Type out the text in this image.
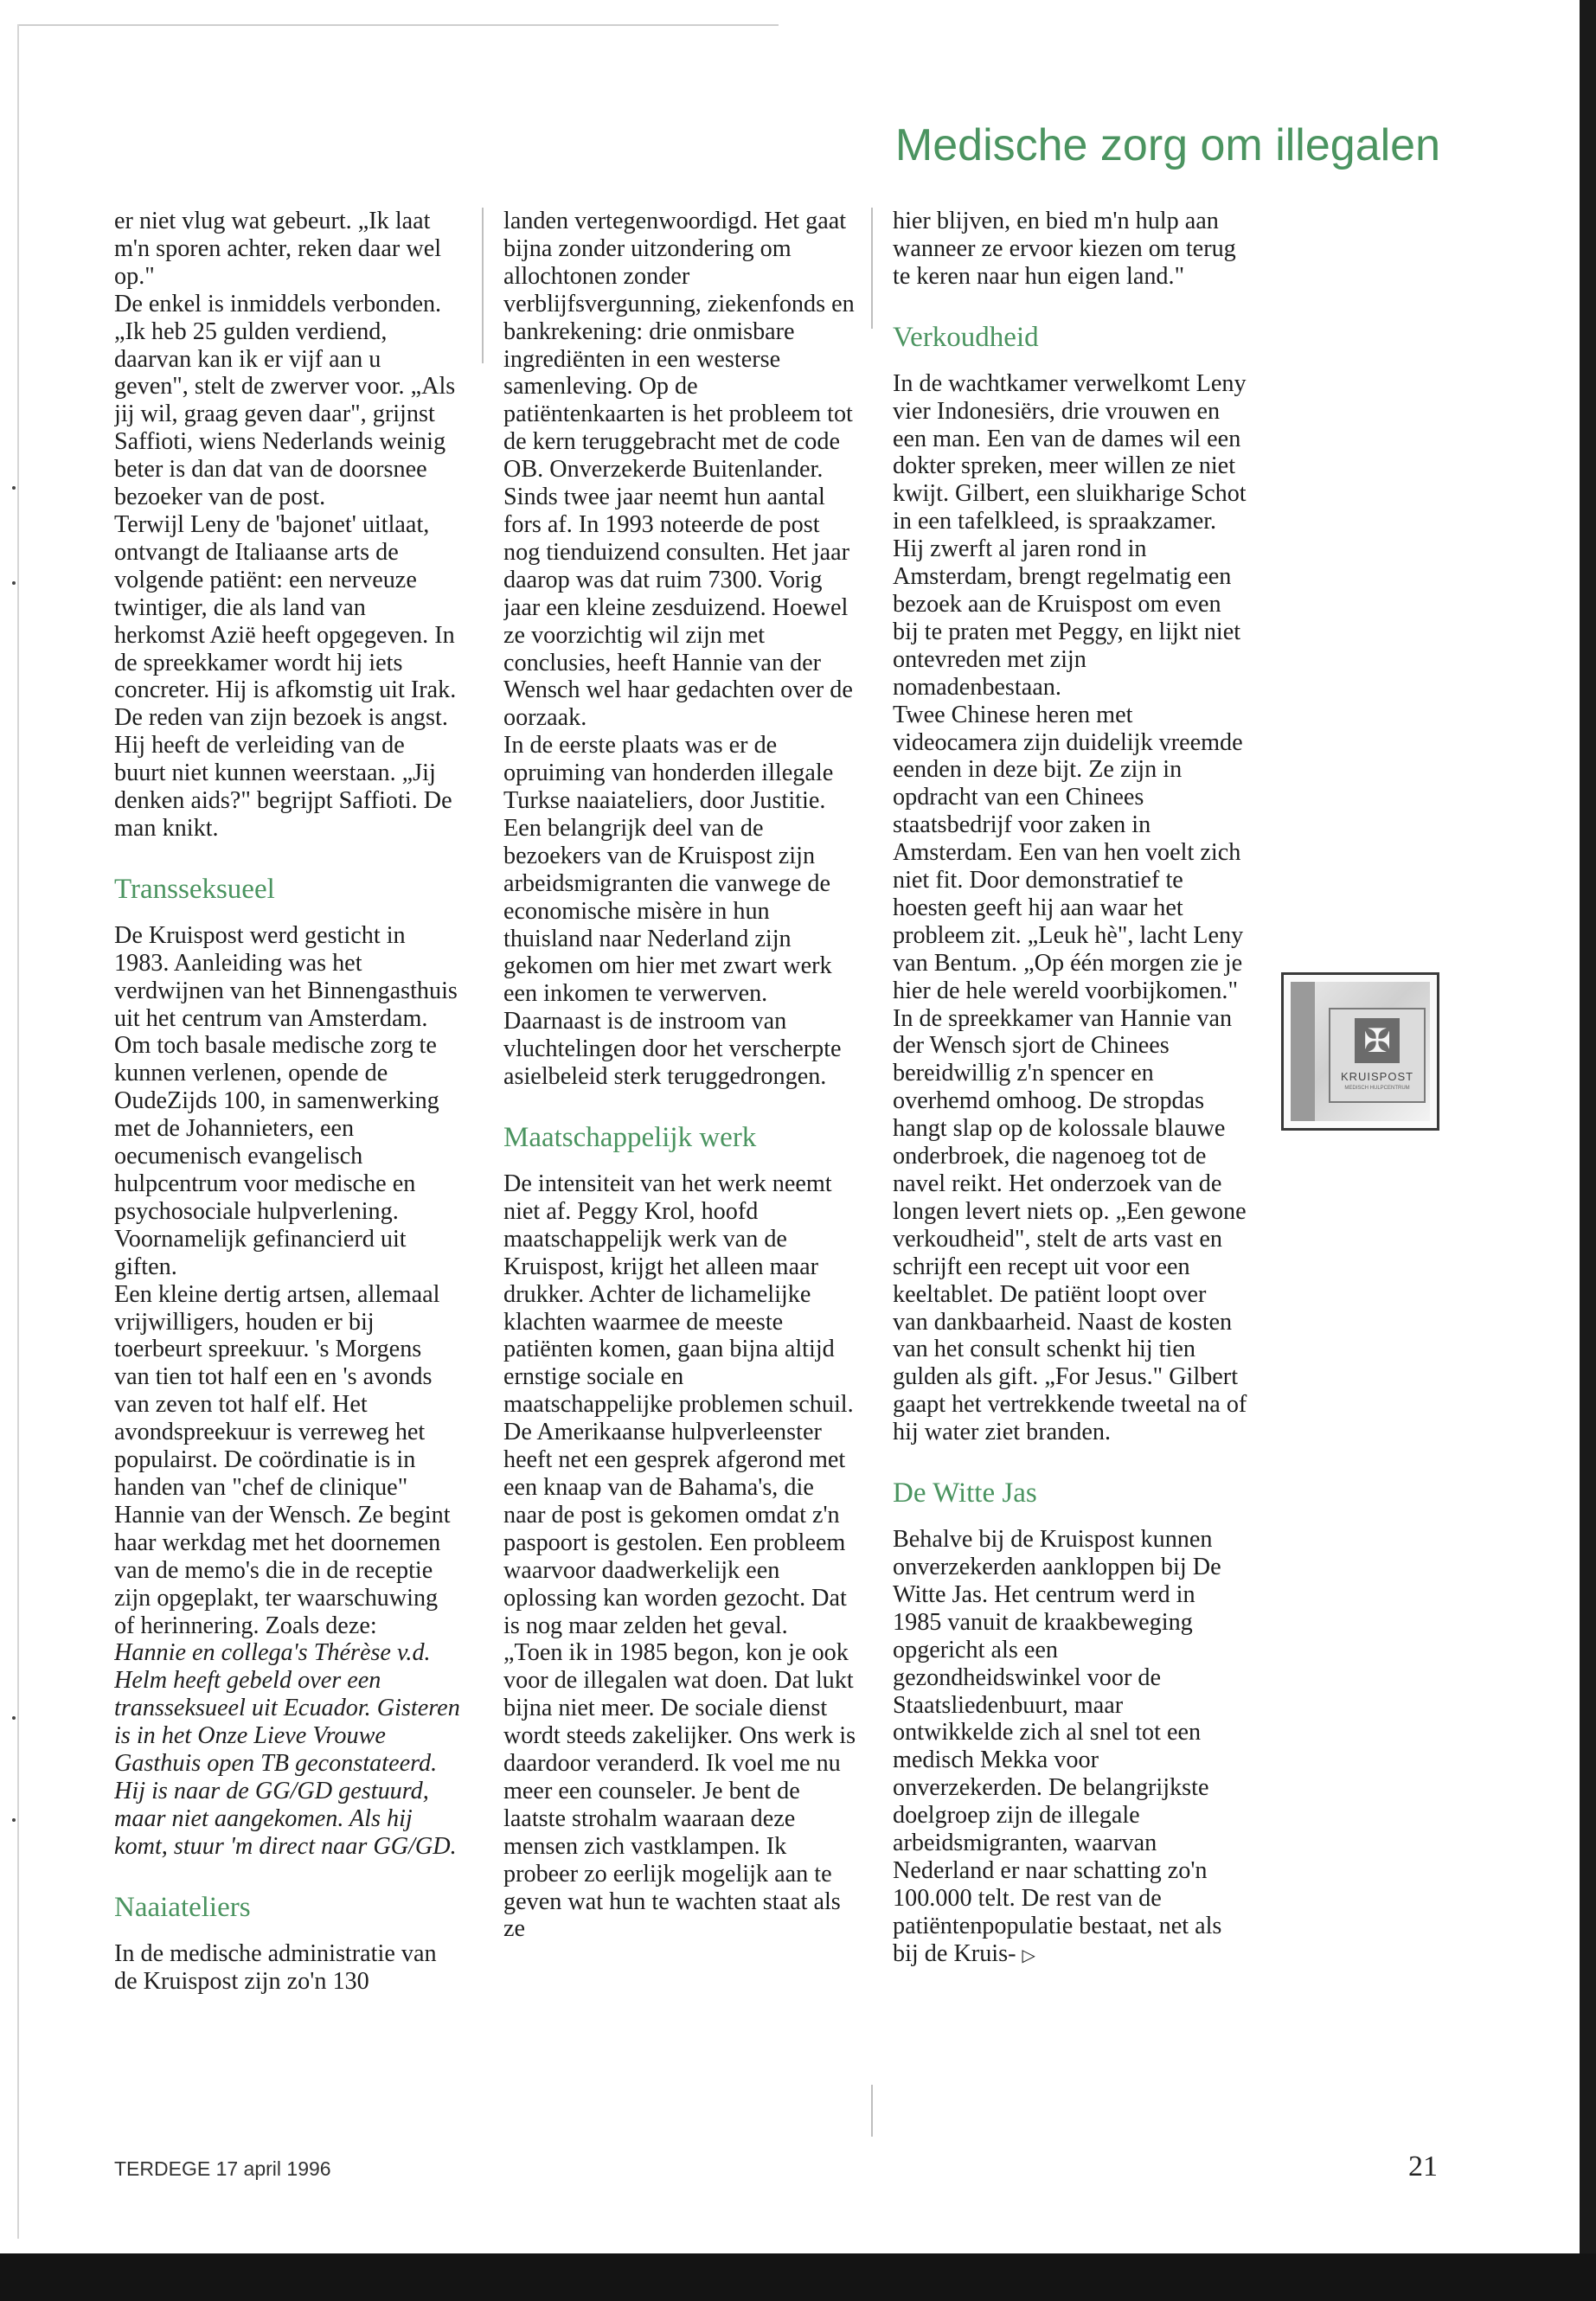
Medische zorg om illegalen

er niet vlug wat gebeurt. „Ik laat m'n sporen achter, reken daar wel op."

De enkel is inmiddels verbonden. „Ik heb 25 gulden verdiend, daarvan kan ik er vijf aan u geven", stelt de zwerver voor. „Als jij wil, graag geven daar", grijnst Saffioti, wiens Nederlands weinig beter is dan dat van de doorsnee bezoeker van de post.

Terwijl Leny de 'bajonet' uitlaat, ontvangt de Italiaanse arts de volgende patiënt: een nerveuze twintiger, die als land van herkomst Azië heeft opgegeven. In de spreekkamer wordt hij iets concreter. Hij is afkomstig uit Irak. De reden van zijn bezoek is angst. Hij heeft de verleiding van de buurt niet kunnen weerstaan. „Jij denken aids?" begrijpt Saffioti. De man knikt.

Transseksueel

De Kruispost werd gesticht in 1983. Aanleiding was het verdwijnen van het Binnengasthuis uit het centrum van Amsterdam. Om toch basale medische zorg te kunnen verlenen, opende de OudeZijds 100, in samenwerking met de Johannieters, een oecumenisch evangelisch hulpcentrum voor medische en psychosociale hulpverlening. Voornamelijk gefinancierd uit giften.

Een kleine dertig artsen, allemaal vrijwilligers, houden er bij toerbeurt spreekuur. 's Morgens van tien tot half een en 's avonds van zeven tot half elf. Het avondspreekuur is verreweg het populairst. De coördinatie is in handen van "chef de clinique" Hannie van der Wensch. Ze begint haar werkdag met het doornemen van de memo's die in de receptie zijn opgeplakt, ter waarschuwing of herinnering. Zoals deze:

Hannie en collega's Thérèse v.d. Helm heeft gebeld over een transseksueel uit Ecuador. Gisteren is in het Onze Lieve Vrouwe Gasthuis open TB geconstateerd. Hij is naar de GG/GD gestuurd, maar niet aangekomen. Als hij komt, stuur 'm direct naar GG/GD.

Naaiateliers

In de medische administratie van de Kruispost zijn zo'n 130

landen vertegenwoordigd. Het gaat bijna zonder uitzondering om allochtonen zonder verblijfsvergunning, ziekenfonds en bankrekening: drie onmisbare ingrediënten in een westerse samenleving. Op de patiëntenkaarten is het probleem tot de kern teruggebracht met de code OB. Onverzekerde Buitenlander.

Sinds twee jaar neemt hun aantal fors af. In 1993 noteerde de post nog tienduizend consulten. Het jaar daarop was dat ruim 7300. Vorig jaar een kleine zesduizend. Hoewel ze voorzichtig wil zijn met conclusies, heeft Hannie van der Wensch wel haar gedachten over de oorzaak.

In de eerste plaats was er de opruiming van honderden illegale Turkse naaiateliers, door Justitie. Een belangrijk deel van de bezoekers van de Kruispost zijn arbeidsmigranten die vanwege de economische misère in hun thuisland naar Nederland zijn gekomen om hier met zwart werk een inkomen te verwerven. Daarnaast is de instroom van vluchtelingen door het verscherpte asielbeleid sterk teruggedrongen.

Maatschappelijk werk

De intensiteit van het werk neemt niet af. Peggy Krol, hoofd maatschappelijk werk van de Kruispost, krijgt het alleen maar drukker. Achter de lichamelijke klachten waarmee de meeste patiënten komen, gaan bijna altijd ernstige sociale en maatschappelijke problemen schuil.

De Amerikaanse hulpverleenster heeft net een gesprek afgerond met een knaap van de Bahama's, die naar de post is gekomen omdat z'n paspoort is gestolen. Een probleem waarvoor daadwerkelijk een oplossing kan worden gezocht. Dat is nog maar zelden het geval.

„Toen ik in 1985 begon, kon je ook voor de illegalen wat doen. Dat lukt bijna niet meer. De sociale dienst wordt steeds zakelijker. Ons werk is daardoor veranderd. Ik voel me nu meer een counseler. Je bent de laatste strohalm waaraan deze mensen zich vastklampen. Ik probeer zo eerlijk mogelijk aan te geven wat hun te wachten staat als ze

hier blijven, en bied m'n hulp aan wanneer ze ervoor kiezen om terug te keren naar hun eigen land."

Verkoudheid

In de wachtkamer verwelkomt Leny vier Indonesiërs, drie vrouwen en een man. Een van de dames wil een dokter spreken, meer willen ze niet kwijt. Gilbert, een sluikharige Schot in een tafelkleed, is spraakzamer. Hij zwerft al jaren rond in Amsterdam, brengt regelmatig een bezoek aan de Kruispost om even bij te praten met Peggy, en lijkt niet ontevreden met zijn nomadenbestaan.

Twee Chinese heren met videocamera zijn duidelijk vreemde eenden in deze bijt. Ze zijn in opdracht van een Chinees staatsbedrijf voor zaken in Amsterdam. Een van hen voelt zich niet fit. Door demonstratief te hoesten geeft hij aan waar het probleem zit. „Leuk hè", lacht Leny van Bentum. „Op één morgen zie je hier de hele wereld voorbijkomen."

In de spreekkamer van Hannie van der Wensch sjort de Chinees bereidwillig z'n spencer en overhemd omhoog. De stropdas hangt slap op de kolossale blauwe onderbroek, die nagenoeg tot de navel reikt. Het onderzoek van de longen levert niets op. „Een gewone verkoudheid", stelt de arts vast en schrijft een recept uit voor een keeltablet. De patiënt loopt over van dankbaarheid. Naast de kosten van het consult schenkt hij tien gulden als gift. „For Jesus." Gilbert gaapt het vertrekkende tweetal na of hij water ziet branden.

De Witte Jas

Behalve bij de Kruispost kunnen onverzekerden aankloppen bij De Witte Jas. Het centrum werd in 1985 vanuit de kraakbeweging opgericht als een gezondheidswinkel voor de Staatsliedenbuurt, maar ontwikkelde zich al snel tot een medisch Mekka voor onverzekerden. De belangrijkste doelgroep zijn de illegale arbeidsmigranten, waarvan Nederland er naar schatting zo'n 100.000 telt. De rest van de patiëntenpopulatie bestaat, net als bij de Kruis- ▷

✠
KRUISPOST
MEDISCH HULPCENTRUM
TERDEGE 17 april 1996	21
